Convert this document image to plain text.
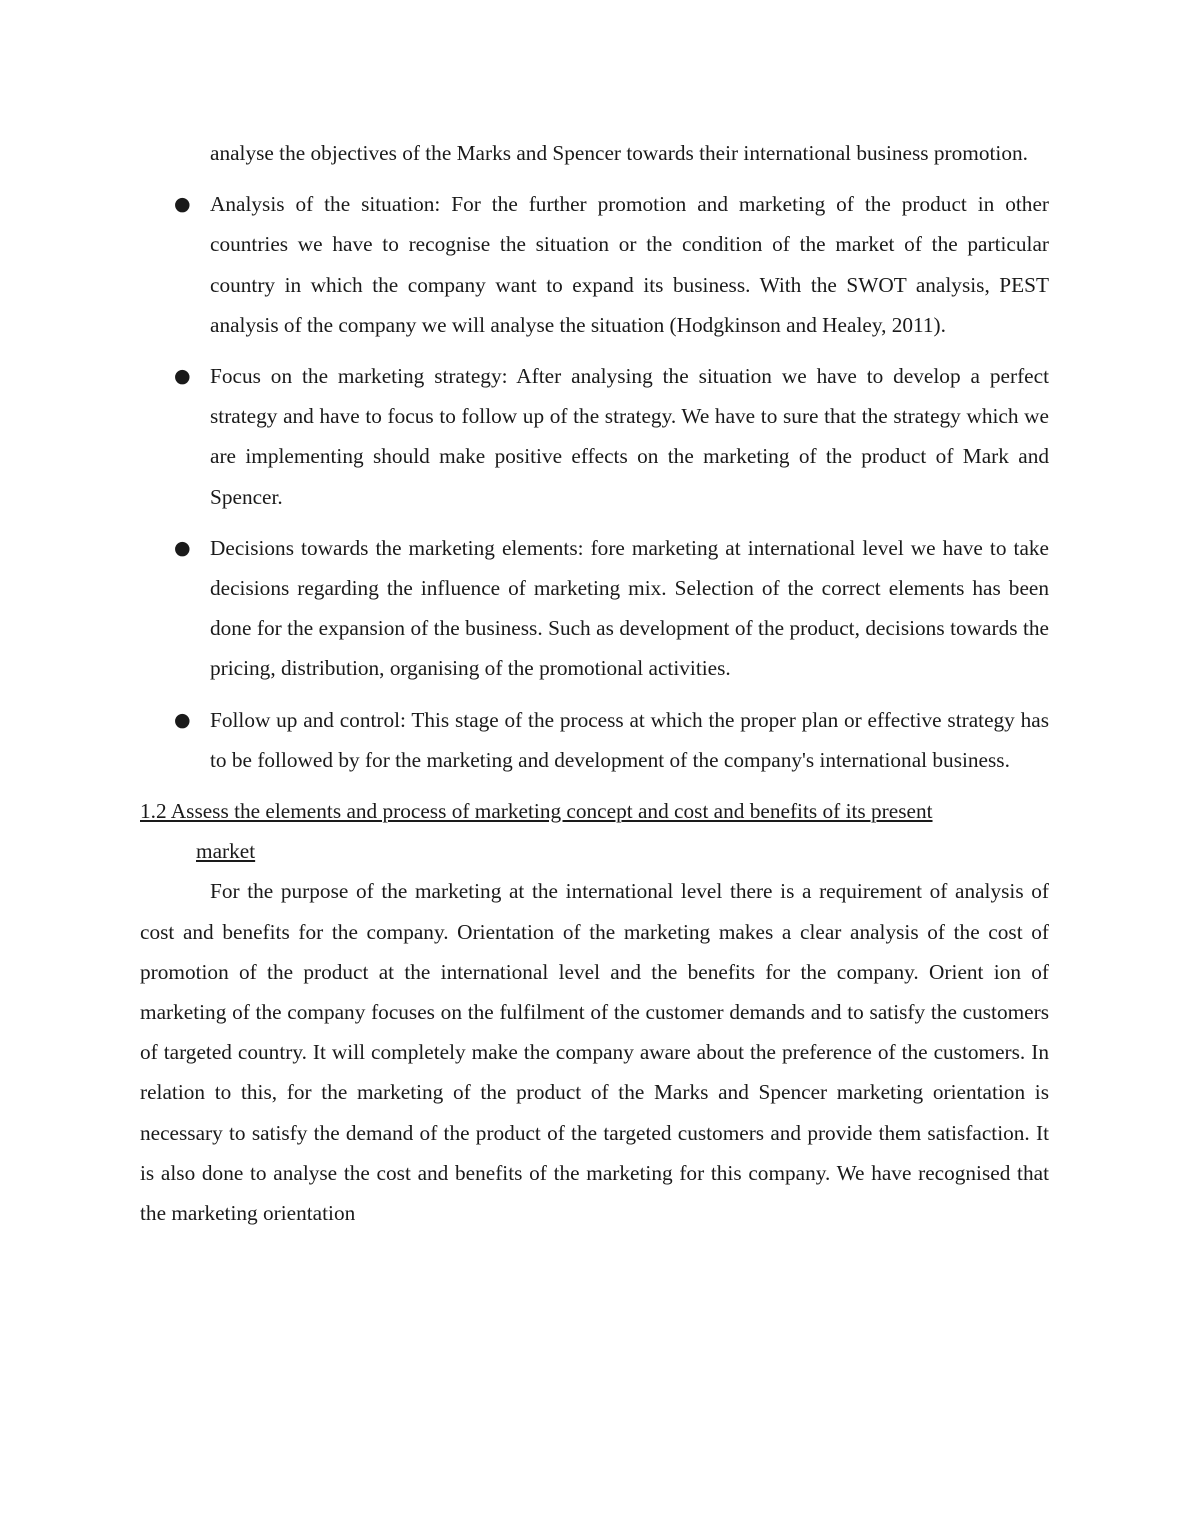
analyse the objectives of the Marks and Spencer towards their international business promotion.

● Analysis of the situation: For the further promotion and marketing of the product in other countries we have to recognise the situation or the condition of the market of the particular country in which the company want to expand its business. With the SWOT analysis, PEST analysis of the company we will analyse the situation (Hodgkinson and Healey, 2011).
● Focus on the marketing strategy: After analysing the situation we have to develop a perfect strategy and have to focus to follow up of the strategy. We have to sure that the strategy which we are implementing should make positive effects on the marketing of the product of Mark and Spencer.
● Decisions towards the marketing elements: fore marketing at international level we have to take decisions regarding the influence of marketing mix. Selection of the correct elements has been done for the expansion of the business. Such as development of the product, decisions towards the pricing, distribution, organising of the promotional activities.
● Follow up and control: This stage of the process at which the proper plan or effective strategy has to be followed by for the marketing and development of the company's international business.

1.2 Assess the elements and process of marketing concept and cost and benefits of its present

market

For the purpose of the marketing at the international level there is a requirement of analysis of cost and benefits for the company. Orientation of the marketing makes a clear analysis of the cost of promotion of the product at the international level and the benefits for the company. Orient ion of marketing of the company focuses on the fulfilment of the customer demands and to satisfy the customers of targeted country. It will completely make the company aware about the preference of the customers. In relation to this, for the marketing of the product of the Marks and Spencer marketing orientation is necessary to satisfy the demand of the product of the targeted customers and provide them satisfaction. It is also done to analyse the cost and benefits of the marketing for this company. We have recognised that the marketing orientation
